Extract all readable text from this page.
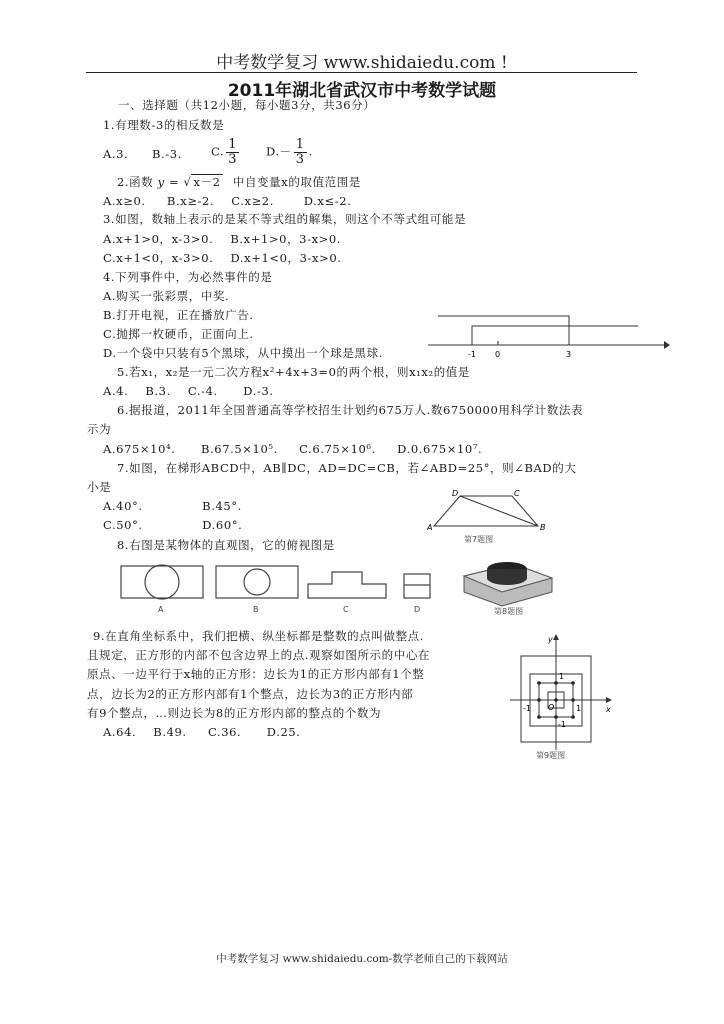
中考数学复习 www.shidaiedu.com !
2011年湖北省武汉市中考数学试题
一、选择题（共12小题，每小题3分，共36分）
1.有理数-3的相反数是
A.3. B.-3.	C. $\frac{1}{3} D.- \frac{1}{3}$ .
2.函数 y = √ x－2 中自变量x的取值范围是
A.x≥0.     B.x≥-2.    C.x≥2.       D.x≤-2.
3.如图，数轴上表示的是某不等式组的解集，则这个不等式组可能是
A.x+1>0，x-3>0.    B.x+1>0，3-x>0.
C.x+1<0，x-3>0.    D.x+1<0，3-x>0.
4.下列事件中，为必然事件的是
A.购买一张彩票，中奖.
B.打开电视，正在播放广告.
C.抛掷一枚硬币，正面向上.
D.一个袋中只装有5个黑球，从中摸出一个球是黑球.	-1 0	3
5.若x₁，x₂是一元二次方程x²+4x+3=0的两个根，则x₁x₂的值是
A.4.    B.3.    C.-4.      D.-3.
6.据报道，2011年全国普通高等学校招生计划约675万人.数6750000用科学计数法表
示为
A.675×10⁴.      B.67.5×10⁵.     C.6.75×10⁶.     D.0.675×10⁷.
7.如图，在梯形ABCD中，AB∥DC，AD=DC=CB，若∠ABD=25°，则∠BAD的大
小是
A.40°.              B.45°.
C.50°.              D.60°.
D	C
A	B
第7题图
8.右图是某物体的直观图，它的俯视图是
A	B	C	D	第8题图
9.在直角坐标系中，我们把横、纵坐标都是整数的点叫做整点.
且规定，正方形的内部不包含边界上的点.观察如图所示的中心在
原点、一边平行于x轴的正方形：边长为1的正方形内部有1个整
点，边长为2的正方形内部有1个整点，边长为3的正方形内部
有9个整点，…则边长为8的正方形内部的整点的个数为
A.64.    B.49.     C.36.      D.25.
y
x
O
1
1
-1
-1
第9题图
中考数学复习 www.shidaiedu.com-数学老师自己的下载网站
